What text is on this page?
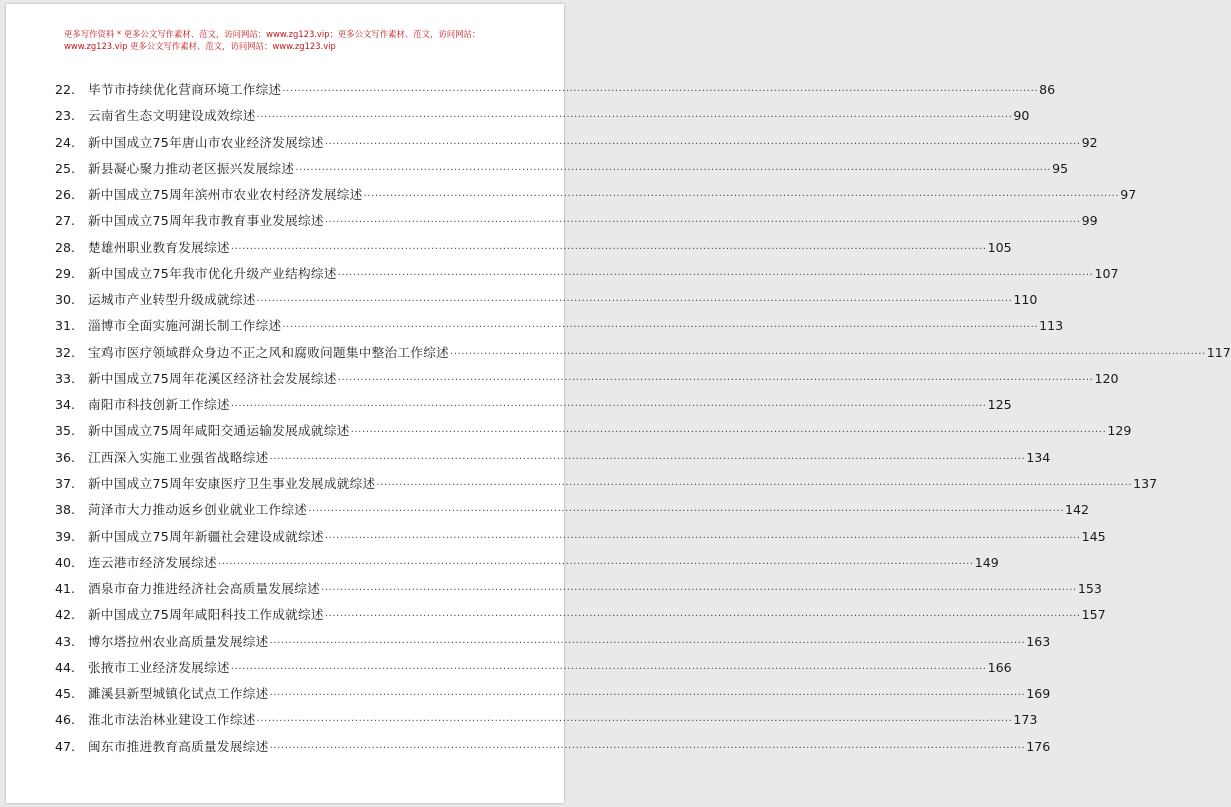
更多写作资料 * 更多公文写作素材、范文，访问网站：www.zg123.vip；更多公文写作素材、范文，访问网站：
www.zg123.vip 更多公文写作素材、范文，访问网站：www.zg123.vip
22.	毕节市持续优化营商环境工作综述 ········································································································································································································ 86
23.	云南省生态文明建设成效综述 ········································································································································································································ 90
24.	新中国成立75年唐山市农业经济发展综述 ········································································································································································································ 92
25.	新县凝心聚力推动老区振兴发展综述 ········································································································································································································ 95
26.	新中国成立75周年滨州市农业农村经济发展综述 ········································································································································································································ 97
27.	新中国成立75周年我市教育事业发展综述 ········································································································································································································ 99
28.	楚雄州职业教育发展综述 ········································································································································································································ 105
29.	新中国成立75年我市优化升级产业结构综述 ········································································································································································································ 107
30.	运城市产业转型升级成就综述 ········································································································································································································ 110
31.	淄博市全面实施河湖长制工作综述 ········································································································································································································ 113
32.	宝鸡市医疗领域群众身边不正之风和腐败问题集中整治工作综述 ········································································································································································································ 117
33.	新中国成立75周年花溪区经济社会发展综述 ········································································································································································································ 120
34.	南阳市科技创新工作综述 ········································································································································································································ 125
35.	新中国成立75周年咸阳交通运输发展成就综述 ········································································································································································································ 129
36.	江西深入实施工业强省战略综述 ········································································································································································································ 134
37.	新中国成立75周年安康医疗卫生事业发展成就综述 ········································································································································································································ 137
38.	菏泽市大力推动返乡创业就业工作综述 ········································································································································································································ 142
39.	新中国成立75周年新疆社会建设成就综述 ········································································································································································································ 145
40.	连云港市经济发展综述 ········································································································································································································ 149
41.	酒泉市奋力推进经济社会高质量发展综述 ········································································································································································································ 153
42.	新中国成立75周年咸阳科技工作成就综述 ········································································································································································································ 157
43.	博尔塔拉州农业高质量发展综述 ········································································································································································································ 163
44.	张掖市工业经济发展综述 ········································································································································································································ 166
45.	濉溪县新型城镇化试点工作综述 ········································································································································································································ 169
46.	淮北市法治林业建设工作综述 ········································································································································································································ 173
47.	闽东市推进教育高质量发展综述 ········································································································································································································ 176
